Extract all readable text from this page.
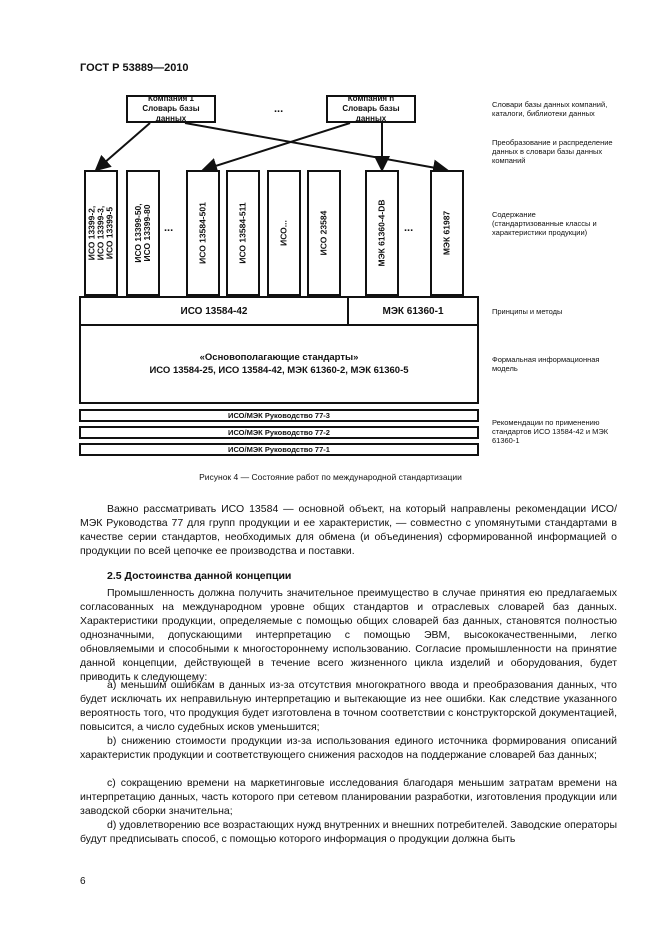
ГОСТ Р 53889—2010
Компания 1
Словарь базы данных
...
Компания n
Словарь базы данных
ИСО 13399-2,
ИСО 13399-3,
ИСО 13399-5
ИСО 13399-50,
ИСО 13399-80 ...	ИСО 13584-501	ИСО 13584-511	ИСО...	ИСО 23584	МЭК 61360-4-DB ...	МЭК 61987
ИСО 13584-42	МЭК 61360-1
«Основополагающие стандарты»
ИСО 13584-25, ИСО 13584-42, МЭК 61360-2, МЭК 61360-5
ИСО/МЭК Руководство 77-3
ИСО/МЭК Руководство 77-2
ИСО/МЭК Руководство 77-1
Словари базы данных компаний, каталоги, библиотеки данных
Преобразование и распределение данных в словари базы данных компаний
Содержание (стандартизованные классы и характеристики продукции)
Принципы и методы
Формальная информационная модель
Рекомендации по применению стандартов ИСО 13584-42 и МЭК 61360-1
Рисунок 4 — Состояние работ по международной стандартизации
Важно рассматривать ИСО 13584 — основной объект, на который направлены рекомендации ИСО/МЭК Руководства 77 для групп продукции и ее характеристик, — совместно с упомянутыми стандартами в качестве серии стандартов, необходимых для обмена (и объединения) сформированной информацией о продукции по всей цепочке ее производства и поставки.
2.5 Достоинства данной концепции
Промышленность должна получить значительное преимущество в случае принятия ею предлагаемых согласованных на международном уровне общих стандартов и отраслевых словарей баз данных. Характеристики продукции, определяемые с помощью общих словарей баз данных, становятся полностью однозначными, допускающими интерпретацию с помощью ЭВМ, высококачественными, легко обновляемыми и способными к многостороннему использованию. Согласие промышленности на принятие данной концепции, действующей в течение всего жизненного цикла изделий и оборудования, будет приводить к следующему:
а) меньшим ошибкам в данных из-за отсутствия многократного ввода и преобразования данных, что будет исключать их неправильную интерпретацию и вытекающие из нее ошибки. Как следствие указанного вероятность того, что продукция будет изготовлена в точном соответствии с конструкторской документацией, повысится, а число судебных исков уменьшится;
b) снижению стоимости продукции из-за использования единого источника формирования описаний характеристик продукции и соответствующего снижения расходов на поддержание словарей баз данных;
c) сокращению времени на маркетинговые исследования благодаря меньшим затратам времени на интерпретацию данных, часть которого при сетевом планировании разработки, изготовления продукции или заводской сборки значительна;
d) удовлетворению все возрастающих нужд внутренних и внешних потребителей. Заводские операторы будут предписывать способ, с помощью которого информация о продукции должна быть
6
